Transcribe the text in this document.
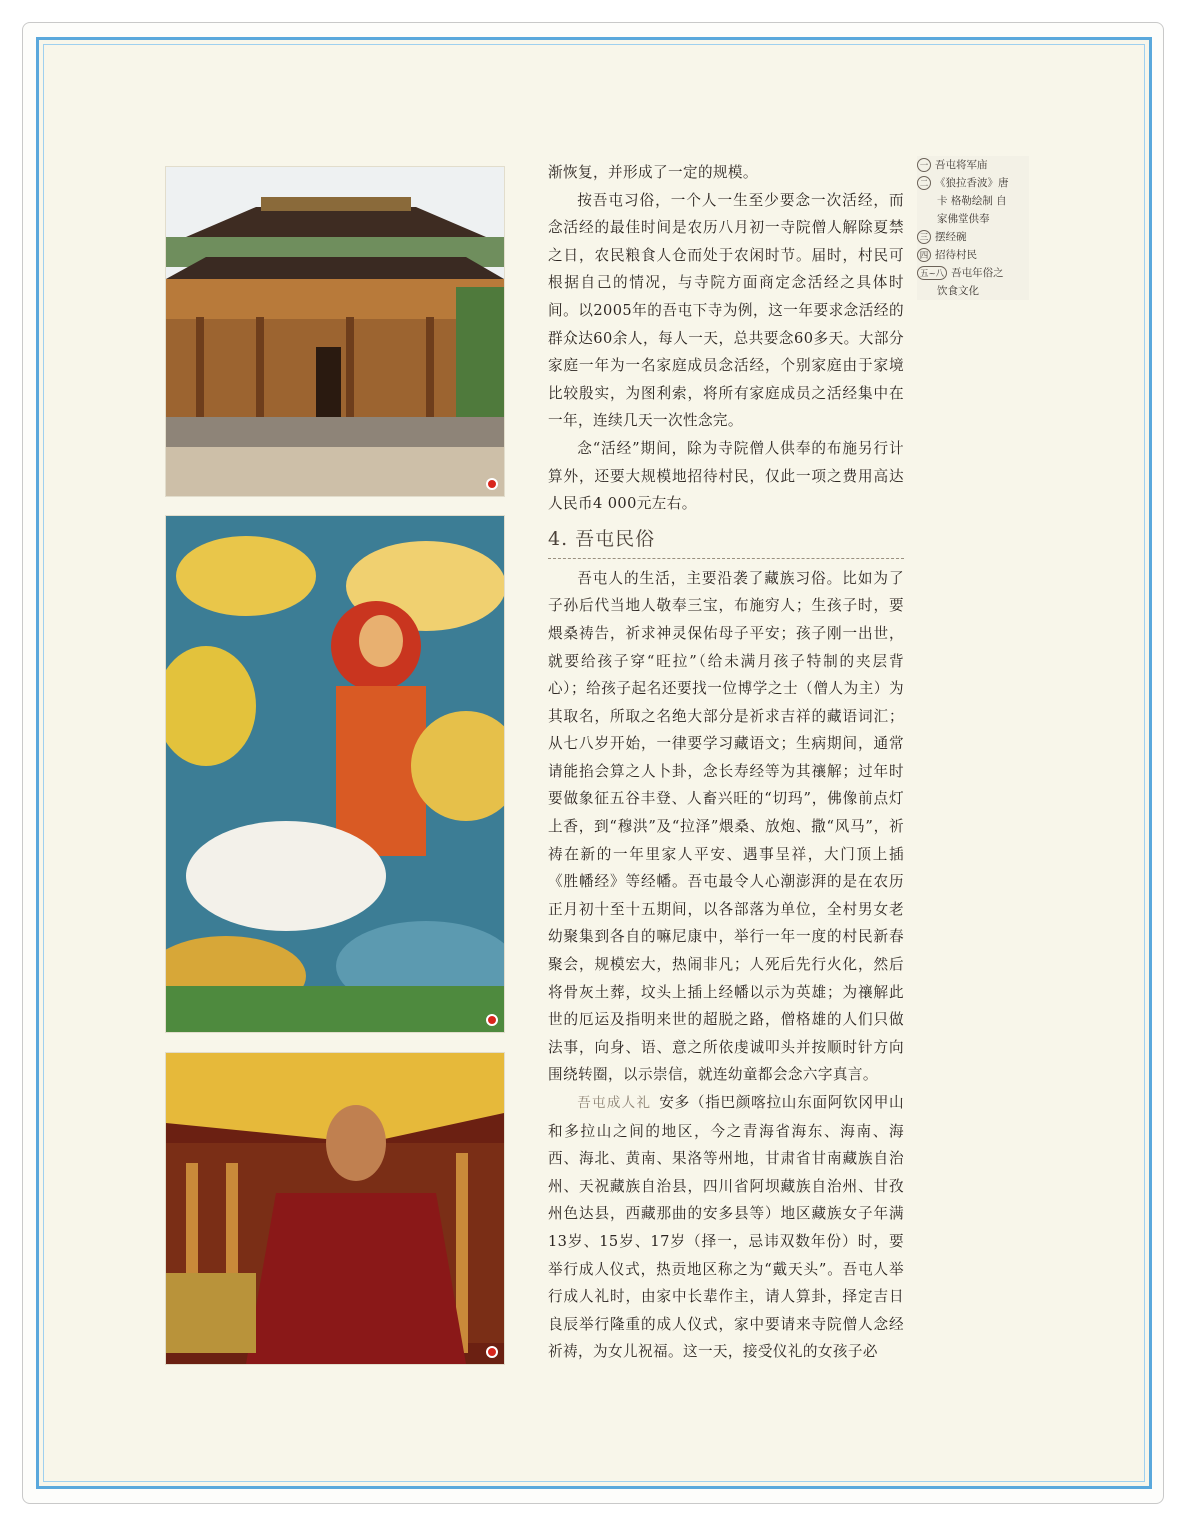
渐恢复，并形成了一定的规模。

按吾屯习俗，一个人一生至少要念一次活经，而念活经的最佳时间是农历八月初一寺院僧人解除夏禁之日，农民粮食人仓而处于农闲时节。届时，村民可根据自己的情况，与寺院方面商定念活经之具体时间。以2005年的吾屯下寺为例，这一年要求念活经的群众达60余人，每人一天，总共要念60多天。大部分家庭一年为一名家庭成员念活经，个别家庭由于家境比较殷实，为图利索，将所有家庭成员之活经集中在一年，连续几天一次性念完。

念“活经”期间，除为寺院僧人供奉的布施另行计算外，还要大规模地招待村民，仅此一项之费用高达人民币4 000元左右。

4. 吾屯民俗

吾屯人的生活，主要沿袭了藏族习俗。比如为了子孙后代当地人敬奉三宝，布施穷人；生孩子时，要煨桑祷告，祈求神灵保佑母子平安；孩子刚一出世，就要给孩子穿“旺拉”（给未满月孩子特制的夹层背心）；给孩子起名还要找一位博学之士（僧人为主）为其取名，所取之名绝大部分是祈求吉祥的藏语词汇；从七八岁开始，一律要学习藏语文；生病期间，通常请能掐会算之人卜卦，念长寿经等为其禳解；过年时要做象征五谷丰登、人畜兴旺的“切玛”，佛像前点灯上香，到“穆洪”及“拉泽”煨桑、放炮、撒“风马”，祈祷在新的一年里家人平安、遇事呈祥，大门顶上插《胜幡经》等经幡。吾屯最令人心潮澎湃的是在农历正月初十至十五期间，以各部落为单位，全村男女老幼聚集到各自的嘛尼康中，举行一年一度的村民新春聚会，规模宏大，热闹非凡；人死后先行火化，然后将骨灰土葬，坟头上插上经幡以示为英雄；为禳解此世的厄运及指明来世的超脱之路，僧格雄的人们只做法事，向身、语、意之所依虔诚叩头并按顺时针方向围绕转圈，以示崇信，就连幼童都会念六字真言。

吾屯成人礼 安多（指巴颜喀拉山东面阿钦冈甲山和多拉山之间的地区，今之青海省海东、海南、海西、海北、黄南、果洛等州地，甘肃省甘南藏族自治州、天祝藏族自治县，四川省阿坝藏族自治州、甘孜州色达县，西藏那曲的安多县等）地区藏族女子年满13岁、15岁、17岁（择一，忌讳双数年份）时，要举行成人仪式，热贡地区称之为“戴天头”。吾屯人举行成人礼时，由家中长辈作主，请人算卦，择定吉日良辰举行隆重的成人仪式，家中要请来寺院僧人念经祈祷，为女儿祝福。这一天，接受仪礼的女孩子必

一 吾屯将军庙
二 《狼拉香波》唐
卡 格勒绘制 自
家佛堂供奉
三 摆经碗
四 招待村民
五~八 吾屯年俗之
饮食文化
